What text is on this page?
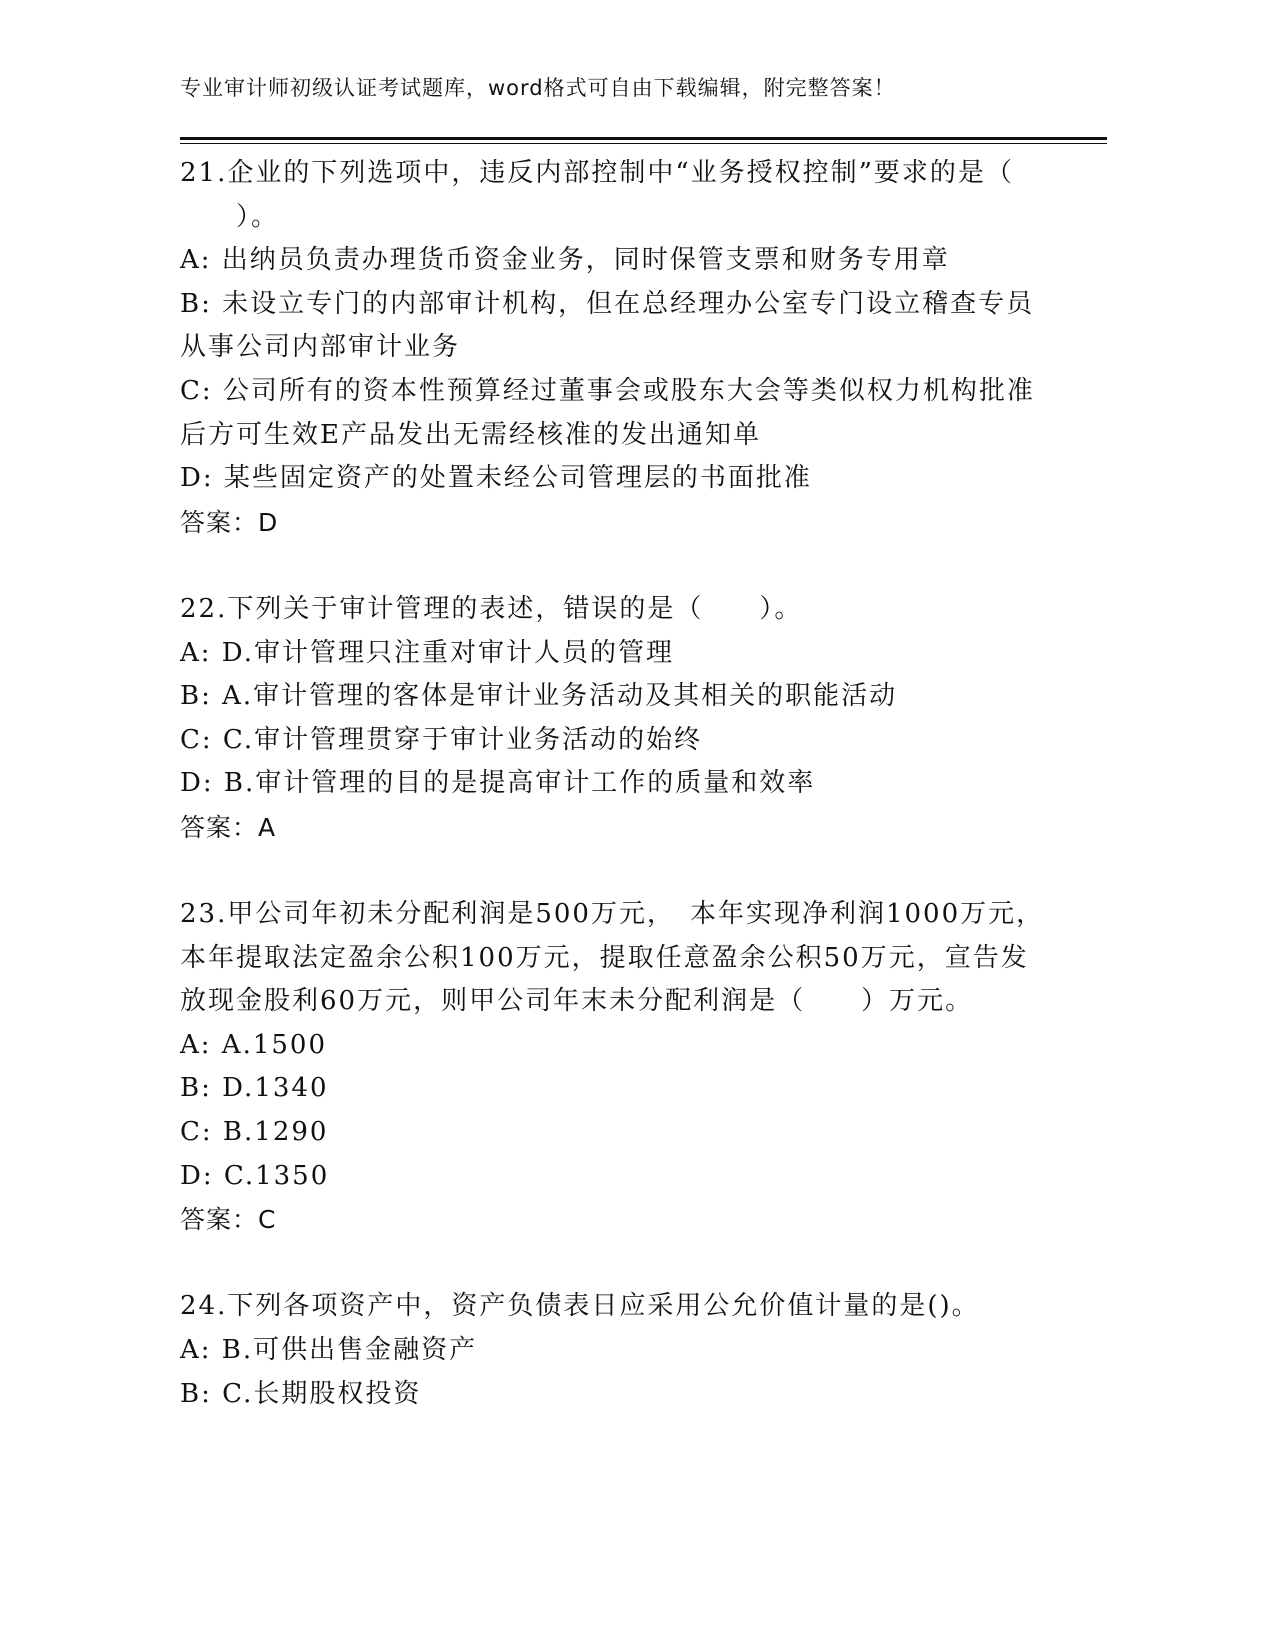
专业审计师初级认证考试题库，word格式可自由下载编辑，附完整答案！
21.企业的下列选项中，违反内部控制中“业务授权控制”要求的是（
　　）。
A: 出纳员负责办理货币资金业务，同时保管支票和财务专用章
B: 未设立专门的内部审计机构，但在总经理办公室专门设立稽查专员
从事公司内部审计业务
C: 公司所有的资本性预算经过董事会或股东大会等类似权力机构批准
后方可生效E产品发出无需经核准的发出通知单
D: 某些固定资产的处置未经公司管理层的书面批准
答案：D
22.下列关于审计管理的表述，错误的是（　　）。
A: D.审计管理只注重对审计人员的管理
B: A.审计管理的客体是审计业务活动及其相关的职能活动
C: C.审计管理贯穿于审计业务活动的始终
D: B.审计管理的目的是提高审计工作的质量和效率
答案：A
23.甲公司年初未分配利润是500万元，　本年实现净利润1000万元，
本年提取法定盈余公积100万元，提取任意盈余公积50万元，宣告发
放现金股利60万元，则甲公司年末未分配利润是（　　）万元。
A: A.1500
B: D.1340
C: B.1290
D: C.1350
答案：C
24.下列各项资产中，资产负债表日应采用公允价值计量的是()。
A: B.可供出售金融资产
B: C.长期股权投资
